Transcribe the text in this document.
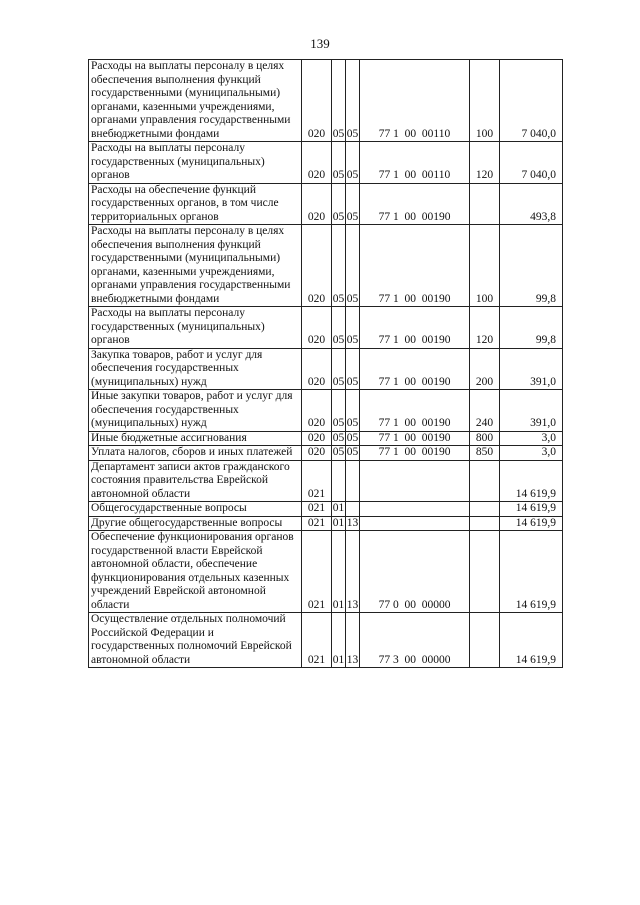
139
Расходы на выплаты персоналу в целях обеспечения выполнения функций государственными (муниципальными) органами, казенными учреждениями, органами управления государственными внебюджетными фондами	020	05	05	77 1  00  00110	100	7 040,0
Расходы на выплаты персоналу государственных (муниципальных) органов	020	05	05	77 1  00  00110	120	7 040,0
Расходы на обеспечение функций государственных органов, в том числе территориальных органов	020	05	05	77 1  00  00190		493,8
Расходы на выплаты персоналу в целях обеспечения выполнения функций государственными (муниципальными) органами, казенными учреждениями, органами управления государственными внебюджетными фондами	020	05	05	77 1  00  00190	100	99,8
Расходы на выплаты персоналу государственных (муниципальных) органов	020	05	05	77 1  00  00190	120	99,8
Закупка товаров, работ и услуг для обеспечения государственных (муниципальных) нужд	020	05	05	77 1  00  00190	200	391,0
Иные закупки товаров, работ и услуг для обеспечения государственных (муниципальных) нужд	020	05	05	77 1  00  00190	240	391,0
Иные бюджетные ассигнования	020	05	05	77 1  00  00190	800	3,0
Уплата налогов, сборов и иных платежей	020	05	05	77 1  00  00190	850	3,0
Департамент записи актов гражданского состояния правительства Еврейской автономной области	021					14 619,9
Общегосударственные вопросы	021	01				14 619,9
Другие общегосударственные вопросы	021	01	13			14 619,9
Обеспечение функционирования органов государственной власти Еврейской автономной области, обеспечение функционирования отдельных казенных учреждений Еврейской автономной области	021	01	13	77 0  00  00000		14 619,9
Осуществление отдельных полномочий Российской Федерации и государственных полномочий Еврейской автономной области	021	01	13	77 3  00  00000		14 619,9
